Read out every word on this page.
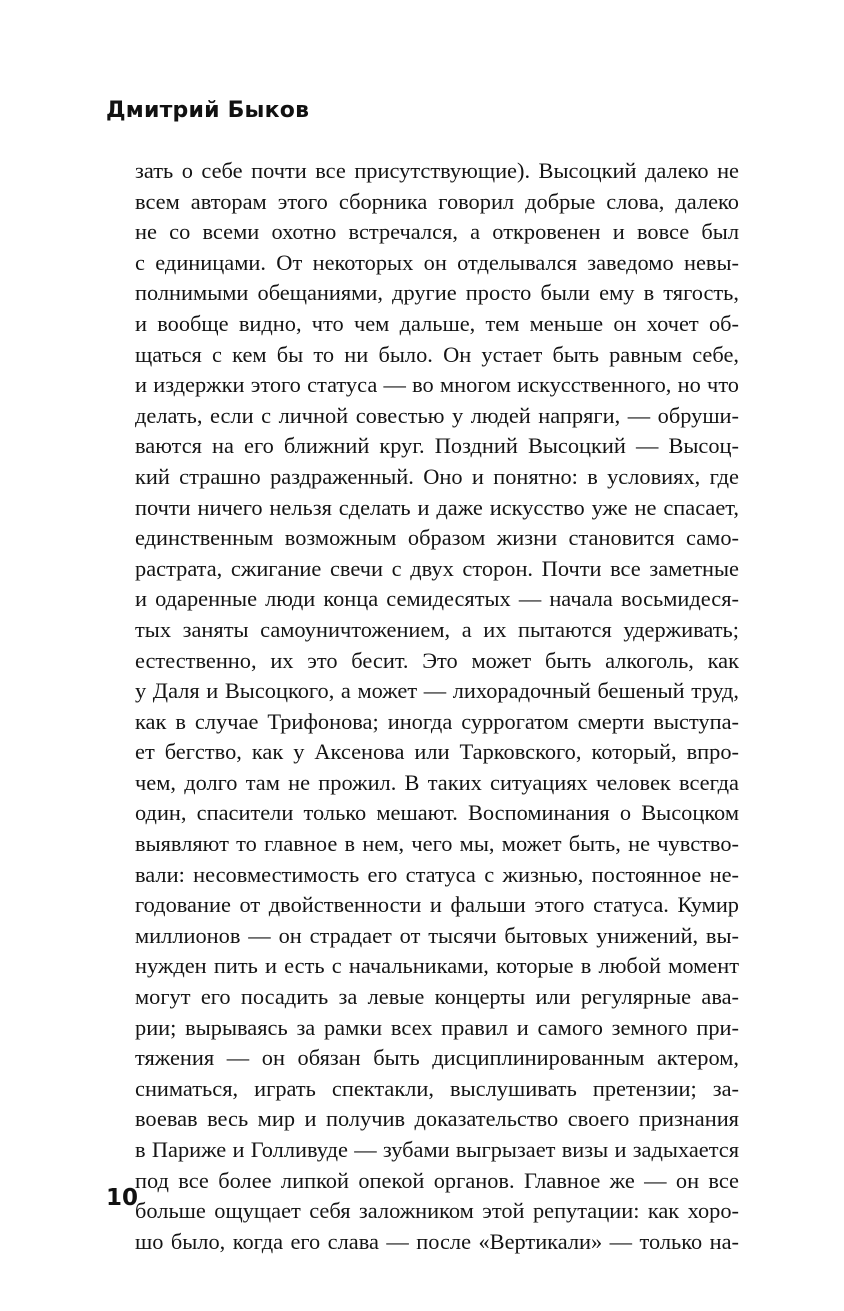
Дмитрий Быков
зать о себе почти все присутствующие). Высоцкий далеко не
всем авторам этого сборника говорил добрые слова, далеко
не со всеми охотно встречался, а откровенен и вовсе был
с единицами. От некоторых он отделывался заведомо невы-
полнимыми обещаниями, другие просто были ему в тягость,
и вообще видно, что чем дальше, тем меньше он хочет об-
щаться с кем бы то ни было. Он устает быть равным себе,
и издержки этого статуса — во многом искусственного, но что
делать, если с личной совестью у людей напряги, — обруши-
ваются на его ближний круг. Поздний Высоцкий — Высоц-
кий страшно раздраженный. Оно и понятно: в условиях, где
почти ничего нельзя сделать и даже искусство уже не спасает,
единственным возможным образом жизни становится само-
растрата, сжигание свечи с двух сторон. Почти все заметные
и одаренные люди конца семидесятых — начала восьмидеся-
тых заняты самоуничтожением, а их пытаются удерживать;
естественно, их это бесит. Это может быть алкоголь, как
у Даля и Высоцкого, а может — лихорадочный бешеный труд,
как в случае Трифонова; иногда суррогатом смерти выступа-
ет бегство, как у Аксенова или Тарковского, который, впро-
чем, долго там не прожил. В таких ситуациях человек всегда
один, спасители только мешают. Воспоминания о Высоцком
выявляют то главное в нем, чего мы, может быть, не чувство-
вали: несовместимость его статуса с жизнью, постоянное не-
годование от двойственности и фальши этого статуса. Кумир
миллионов — он страдает от тысячи бытовых унижений, вы-
нужден пить и есть с начальниками, которые в любой момент
могут его посадить за левые концерты или регулярные ава-
рии; вырываясь за рамки всех правил и самого земного при-
тяжения — он обязан быть дисциплинированным актером,
сниматься, играть спектакли, выслушивать претензии; за-
воевав весь мир и получив доказательство своего признания
в Париже и Голливуде — зубами выгрызает визы и задыхается
под все более липкой опекой органов. Главное же — он все
больше ощущает себя заложником этой репутации: как хоро-
шо было, когда его слава — после «Вертикали» — только на-
10
